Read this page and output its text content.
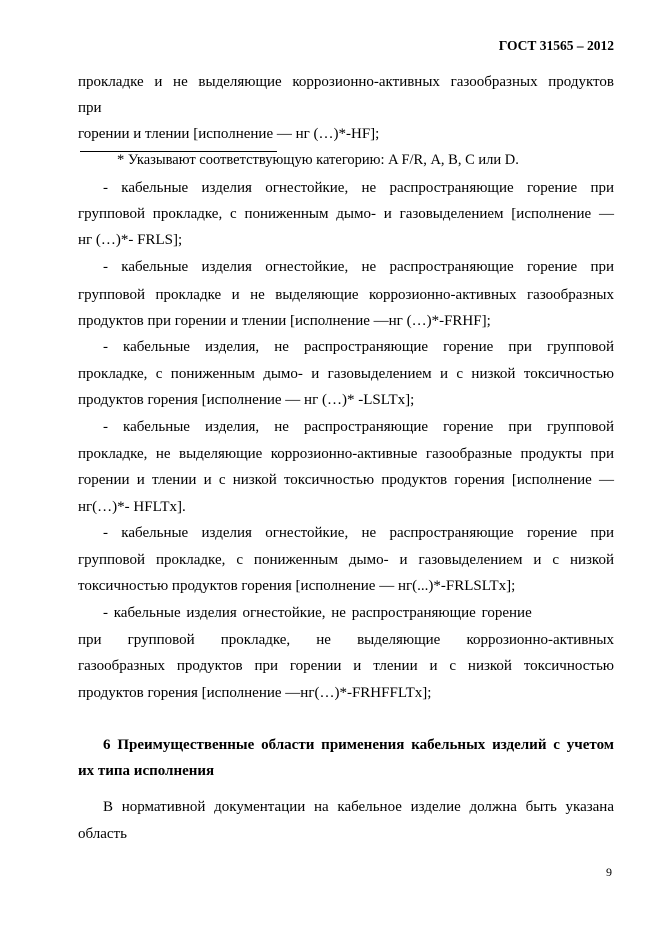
ГОСТ 31565 – 2012
прокладке и не выделяющие коррозионно-активных газообразных продуктов
при
горении и тлении [исполнение — нг (…)*-HF];
* Указывают соответствующую категорию: A F/R, А, В, С или D.
- кабельные изделия огнестойкие, не распространяющие горение при
групповой прокладке, с пониженным дымо- и газовыделением [исполнение —
нг (…)*- FRLS];
- кабельные изделия огнестойкие, не распространяющие горение при
групповой прокладке и не выделяющие коррозионно-активных газообразных
продуктов при горении и тлении [исполнение —нг (…)*-FRHF];
- кабельные изделия, не распространяющие горение при групповой
прокладке, с пониженным дымо- и газовыделением и с низкой токсичностью
продуктов горения [исполнение — нг (…)* -LSLTx];
- кабельные изделия, не распространяющие горение при групповой
прокладке, не выделяющие коррозионно-активные газообразные продукты при
горении и тлении и с низкой токсичностью продуктов горения [исполнение —
нг(…)*- HFLTx].
- кабельные изделия огнестойкие, не распространяющие горение при
групповой прокладке, с пониженным дымо- и газовыделением и с низкой
токсичностью продуктов горения [исполнение — нг(...)*-FRLSLTx];
- кабельные изделия огнестойкие, не распространяющие горение
при групповой прокладке, не выделяющие коррозионно-активных
газообразных продуктов при горении и тлении и с низкой токсичностью
продуктов горения [исполнение —нг(…)*-FRHFFLTx];
6 Преимущественные области применения кабельных изделий с учетом
их типа исполнения
В нормативной документации на кабельное изделие должна быть указана
область
9
